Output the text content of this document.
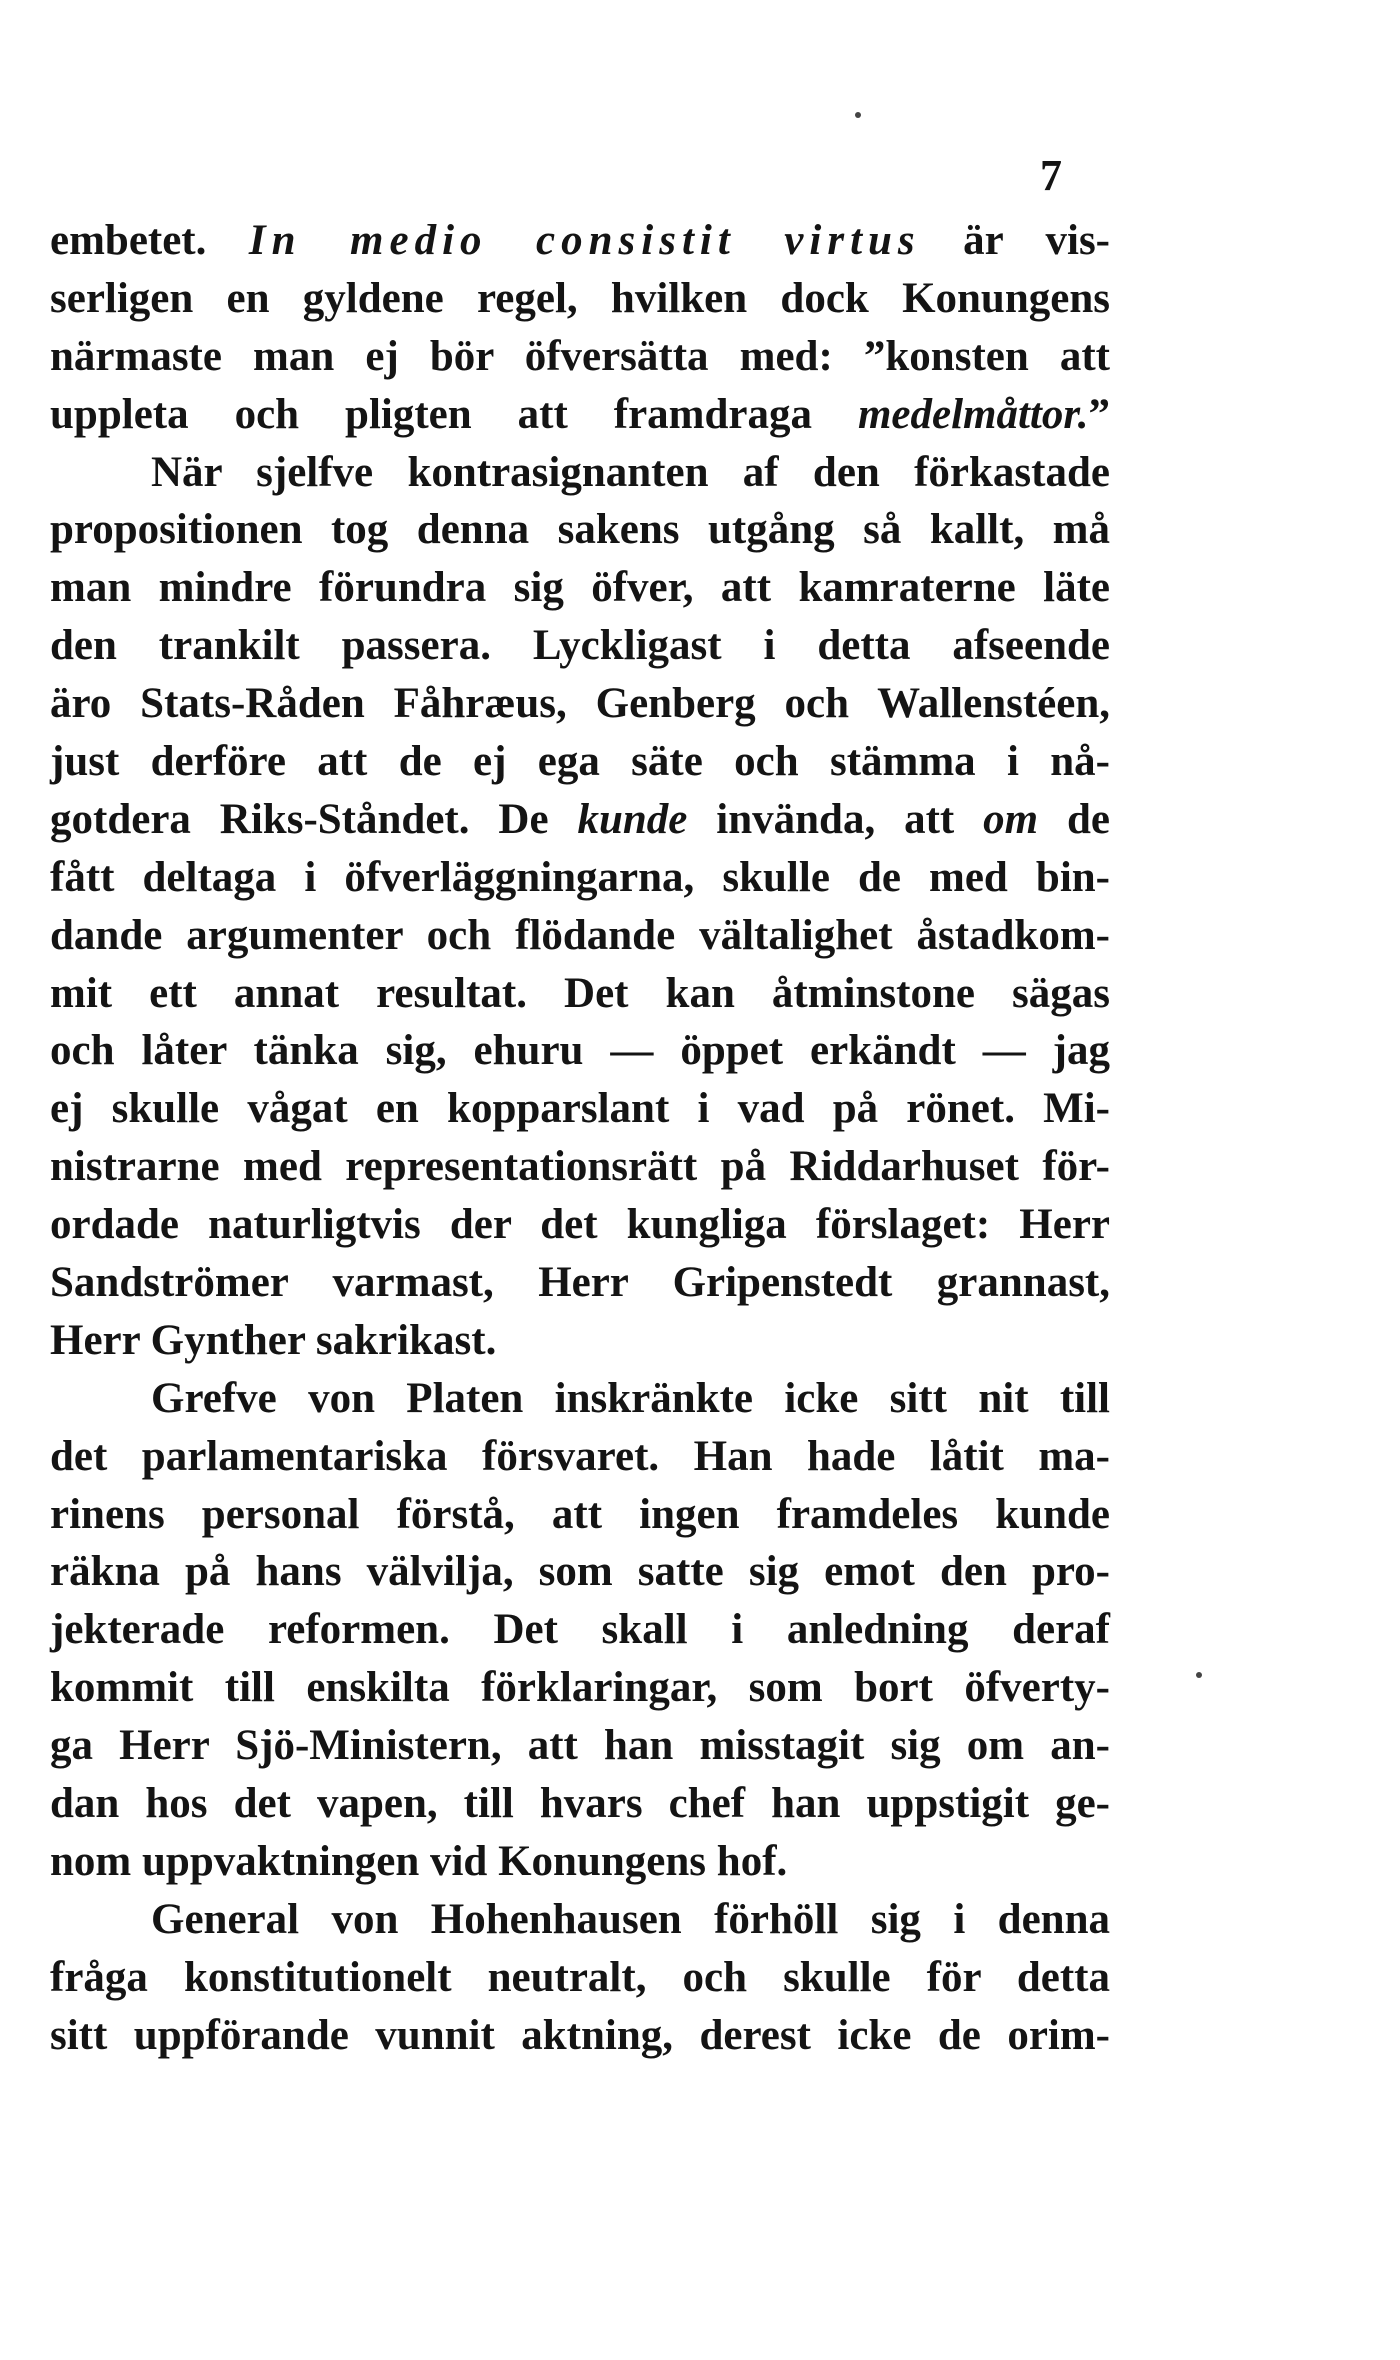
7
embetet. In medio consistit virtus är vis-
serligen en gyldene regel, hvilken dock Konungens
närmaste man ej bör öfversätta med: ”konsten att
uppleta och pligten att framdraga medelmåttor.”
När sjelfve kontrasignanten af den förkastade
propositionen tog denna sakens utgång så kallt, må
man mindre förundra sig öfver, att kamraterne läte
den trankilt passera. Lyckligast i detta afseende
äro Stats-Råden Fåhræus, Genberg och Wallenstéen,
just derföre att de ej ega säte och stämma i nå-
gotdera Riks-Ståndet. De kunde invända, att om de
fått deltaga i öfverläggningarna, skulle de med bin-
dande argumenter och flödande vältalighet åstadkom-
mit ett annat resultat. Det kan åtminstone sägas
och låter tänka sig, ehuru — öppet erkändt — jag
ej skulle vågat en kopparslant i vad på rönet. Mi-
nistrarne med representationsrätt på Riddarhuset för-
ordade naturligtvis der det kungliga förslaget: Herr
Sandströmer varmast, Herr Gripenstedt grannast,
Herr Gynther sakrikast.
Grefve von Platen inskränkte icke sitt nit till
det parlamentariska försvaret. Han hade låtit ma-
rinens personal förstå, att ingen framdeles kunde
räkna på hans välvilja, som satte sig emot den pro-
jekterade reformen. Det skall i anledning deraf
kommit till enskilta förklaringar, som bort öfverty-
ga Herr Sjö-Ministern, att han misstagit sig om an-
dan hos det vapen, till hvars chef han uppstigit ge-
nom uppvaktningen vid Konungens hof.
General von Hohenhausen förhöll sig i denna
fråga konstitutionelt neutralt, och skulle för detta
sitt uppförande vunnit aktning, derest icke de orim-
